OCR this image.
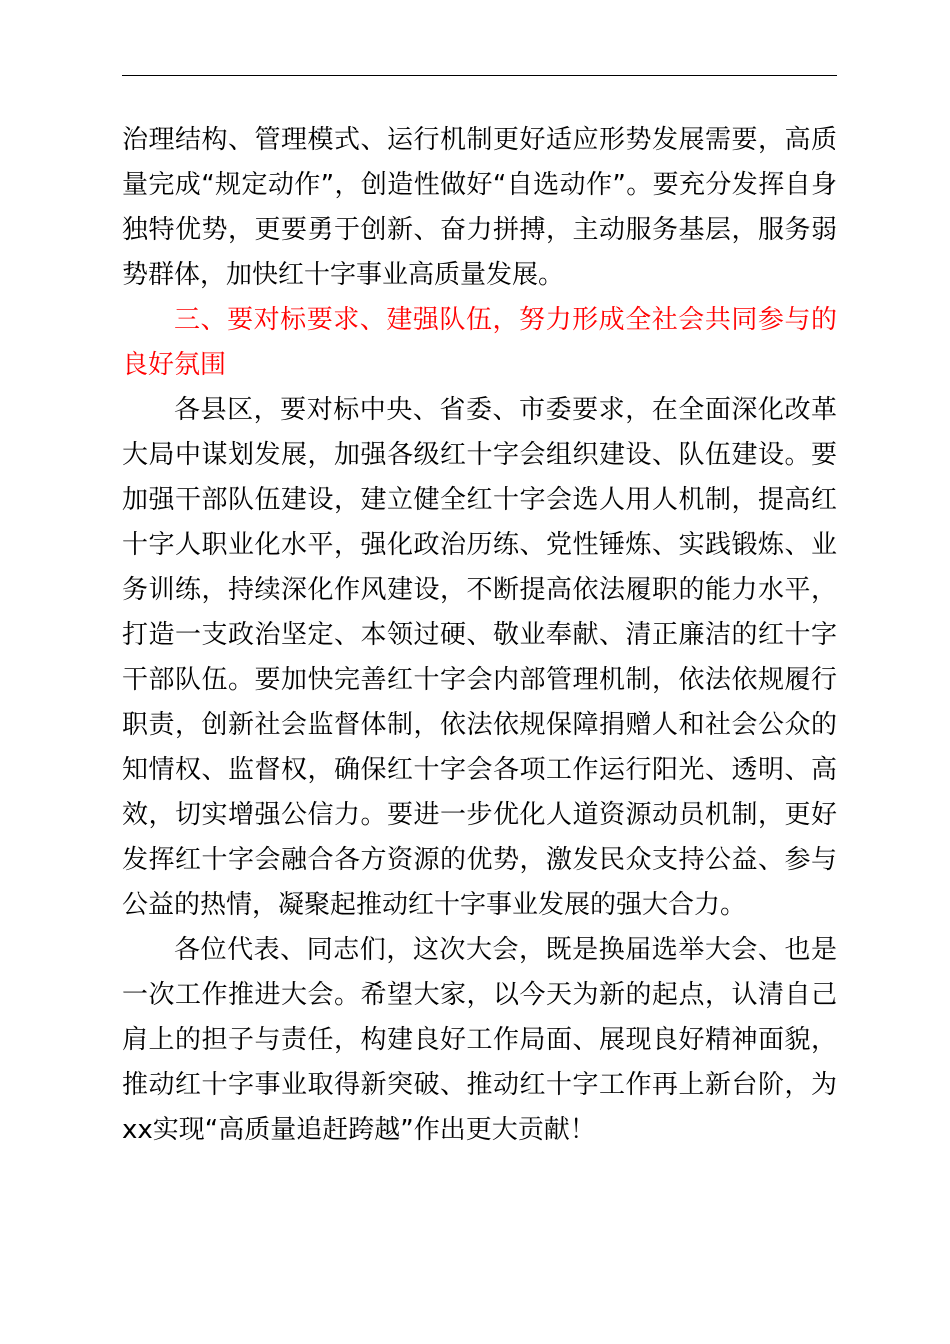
治理结构、管理模式、运行机制更好适应形势发展需要，高质量完成“规定动作”，创造性做好“自选动作”。要充分发挥自身独特优势，更要勇于创新、奋力拼搏，主动服务基层，服务弱势群体，加快红十字事业高质量发展。

三、要对标要求、建强队伍，努力形成全社会共同参与的良好氛围

各县区，要对标中央、省委、市委要求，在全面深化改革大局中谋划发展，加强各级红十字会组织建设、队伍建设。要加强干部队伍建设，建立健全红十字会选人用人机制，提高红十字人职业化水平，强化政治历练、党性锤炼、实践锻炼、业务训练，持续深化作风建设，不断提高依法履职的能力水平，打造一支政治坚定、本领过硬、敬业奉献、清正廉洁的红十字干部队伍。要加快完善红十字会内部管理机制，依法依规履行职责，创新社会监督体制，依法依规保障捐赠人和社会公众的知情权、监督权，确保红十字会各项工作运行阳光、透明、高效，切实增强公信力。要进一步优化人道资源动员机制，更好发挥红十字会融合各方资源的优势，激发民众支持公益、参与公益的热情，凝聚起推动红十字事业发展的强大合力。

各位代表、同志们，这次大会，既是换届选举大会、也是一次工作推进大会。希望大家，以今天为新的起点，认清自己肩上的担子与责任，构建良好工作局面、展现良好精神面貌，推动红十字事业取得新突破、推动红十字工作再上新台阶，为xx实现“高质量追赶跨越”作出更大贡献！
